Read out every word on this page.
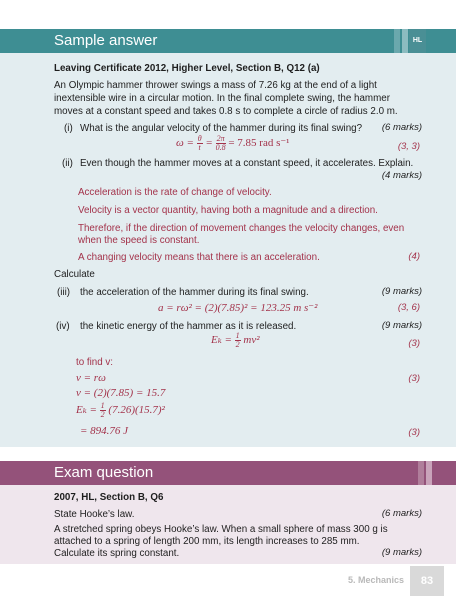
Sample answer	HL
Leaving Certificate 2012, Higher Level, Section B, Q12 (a)
An Olympic hammer thrower swings a mass of 7.26 kg at the end of a light
inextensible wire in a circular motion. In the final complete swing, the hammer
moves at a constant speed and takes 0.8 s to complete a circle of radius 2.0 m.
(i) What is the angular velocity of the hammer during its final swing? (6 marks)
$\omega = \frac{\theta}{t} = \frac{2\pi}{0.8} = 7.85$ rad s⁻¹	(3, 3)
(ii) Even though the hammer moves at a constant speed, it accelerates. Explain.
(4 marks)
Acceleration is the rate of change of velocity.
Velocity is a vector quantity, having both a magnitude and a direction.
Therefore, if the direction of movement changes the velocity changes, even
when the speed is constant.
A changing velocity means that there is an acceleration.	(4)
Calculate
(iii) the acceleration of the hammer during its final swing.	(9 marks)
a = rω² = (2)(7.85)² = 123.25 m s⁻²	(3, 6)
(iv) the kinetic energy of the hammer as it is released.	(9 marks)
$E_k = \frac{1}{2} mv^2$	(3)
to find v:
v = rω	(3)
v = (2)(7.85) = 15.7
$E_k = \frac{1}{2} (7.26)(15.7)^2$
= 894.76 J	(3)
Exam question
2007, HL, Section B, Q6
State Hooke’s law.	(6 marks)
A stretched spring obeys Hooke’s law. When a small sphere of mass 300 g is
attached to a spring of length 200 mm, its length increases to 285 mm.
Calculate its spring constant.	(9 marks)
5. Mechanics	83
